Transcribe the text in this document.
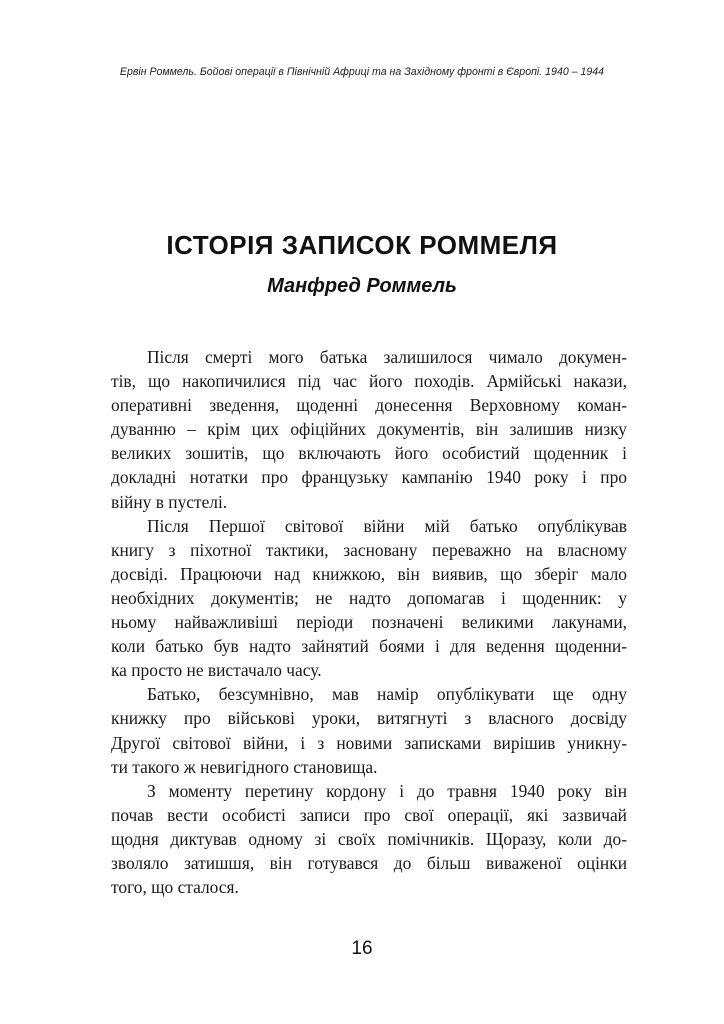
Ервін Роммель. Бойові операції в Північній Африці та на Західному фронті в Європі. 1940 – 1944
ІСТОРІЯ ЗАПИСОК РОММЕЛЯ
Манфред Роммель

Після смерті мого батька залишилося чимало докумен-
тів, що накопичилися під час його походів. Армійські накази,
оперативні зведення, щоденні донесення Верховному коман-
дуванню – крім цих офіційних документів, він залишив низку
великих зошитів, що включають його особистий щоденник і
докладні нотатки про французьку кампанію 1940 року і про
війну в пустелі.

Після Першої світової війни мій батько опублікував
книгу з піхотної тактики, засновану переважно на власному
досвіді. Працюючи над книжкою, він виявив, що зберіг мало
необхідних документів; не надто допомагав і щоденник: у
ньому найважливіші періоди позначені великими лакунами,
коли батько був надто зайнятий боями і для ведення щоденни-
ка просто не вистачало часу.

Батько, безсумнівно, мав намір опублікувати ще одну
книжку про військові уроки, витягнуті з власного досвіду
Другої світової війни, і з новими записками вирішив уникну-
ти такого ж невигідного становища.

З моменту перетину кордону і до травня 1940 року він
почав вести особисті записи про свої операції, які зазвичай
щодня диктував одному зі своїх помічників. Щоразу, коли до-
зволяло затишшя, він готувався до більш виваженої оцінки
того, що сталося.

16
